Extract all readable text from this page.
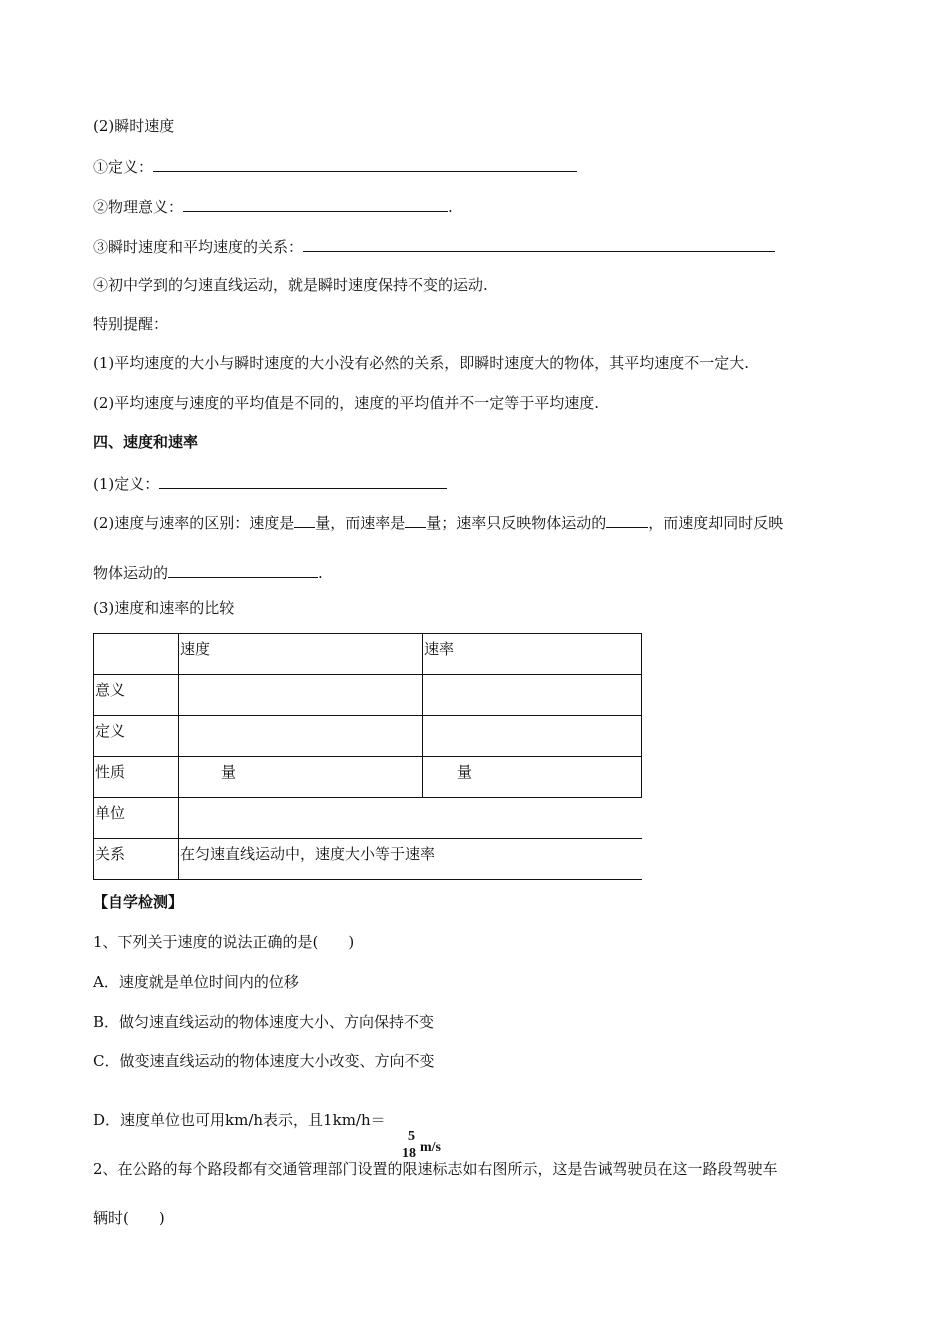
(2)瞬时速度
①定义：
②物理意义：	.
③瞬时速度和平均速度的关系：
④初中学到的匀速直线运动，就是瞬时速度保持不变的运动.
特别提醒：
(1)平均速度的大小与瞬时速度的大小没有必然的关系，即瞬时速度大的物体，其平均速度不一定大.
(2)平均速度与速度的平均值是不同的，速度的平均值并不一定等于平均速度.
四、速度和速率
(1)定义：
(2)速度与速率的区别：速度是 量，而速率是 量；速率只反映物体运动的	，而速度却同时反映
物体运动的	.
(3)速度和速率的比较
	速度	速率
意义		
定义		
性质	量	量
单位		
关系	在匀速直线运动中，速度大小等于速率	
【自学检测】
1、下列关于速度的说法正确的是(　　)
A．速度就是单位时间内的位移
B．做匀速直线运动的物体速度大小、方向保持不变
C．做变速直线运动的物体速度大小改变、方向不变
D．速度单位也可用km/h表示，且1km/h＝
5
18 m/s
2、在公路的每个路段都有交通管理部门设置的限速标志如右图所示，这是告诫驾驶员在这一路段驾驶车
辆时(　　)
